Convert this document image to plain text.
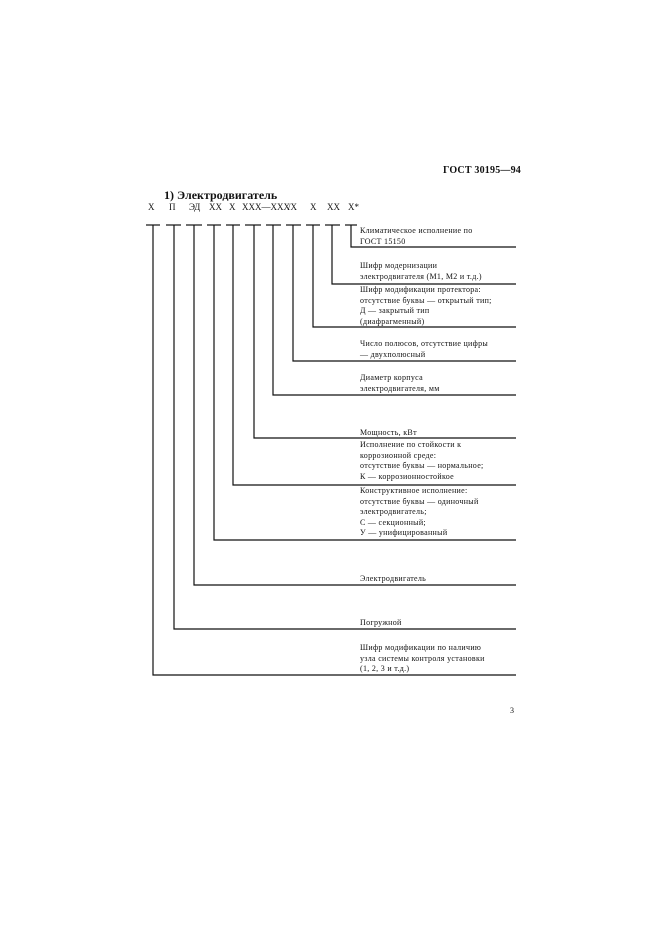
ГОСТ 30195—94
1) Электродвигатель
Х П ЭД ХХ Х ХХХ—ХХХ
/Х Х ХХ Х*
Климатическое исполнение по
ГОСТ 15150
Шифр модернизации
электродвигателя (М1, М2 и т.д.)
Шифр модификации протектора:
отсутствие буквы — открытый тип;
Д — закрытый тип
(диафрагменный)
Число полюсов, отсутствие цифры
— двухполюсный
Диаметр корпуса
электродвигателя, мм
Мощность, кВт
Исполнение по стойкости к
коррозионной среде:
отсутствие буквы — нормальное;
К — коррозионностойкое
Конструктивное исполнение:
отсутствие буквы — одиночный
электродвигатель;
С — секционный;
У — унифицированный
Электродвигатель
Погружной
Шифр модификации по наличию
узла системы контроля установки
(1, 2, 3 и т.д.)
3
